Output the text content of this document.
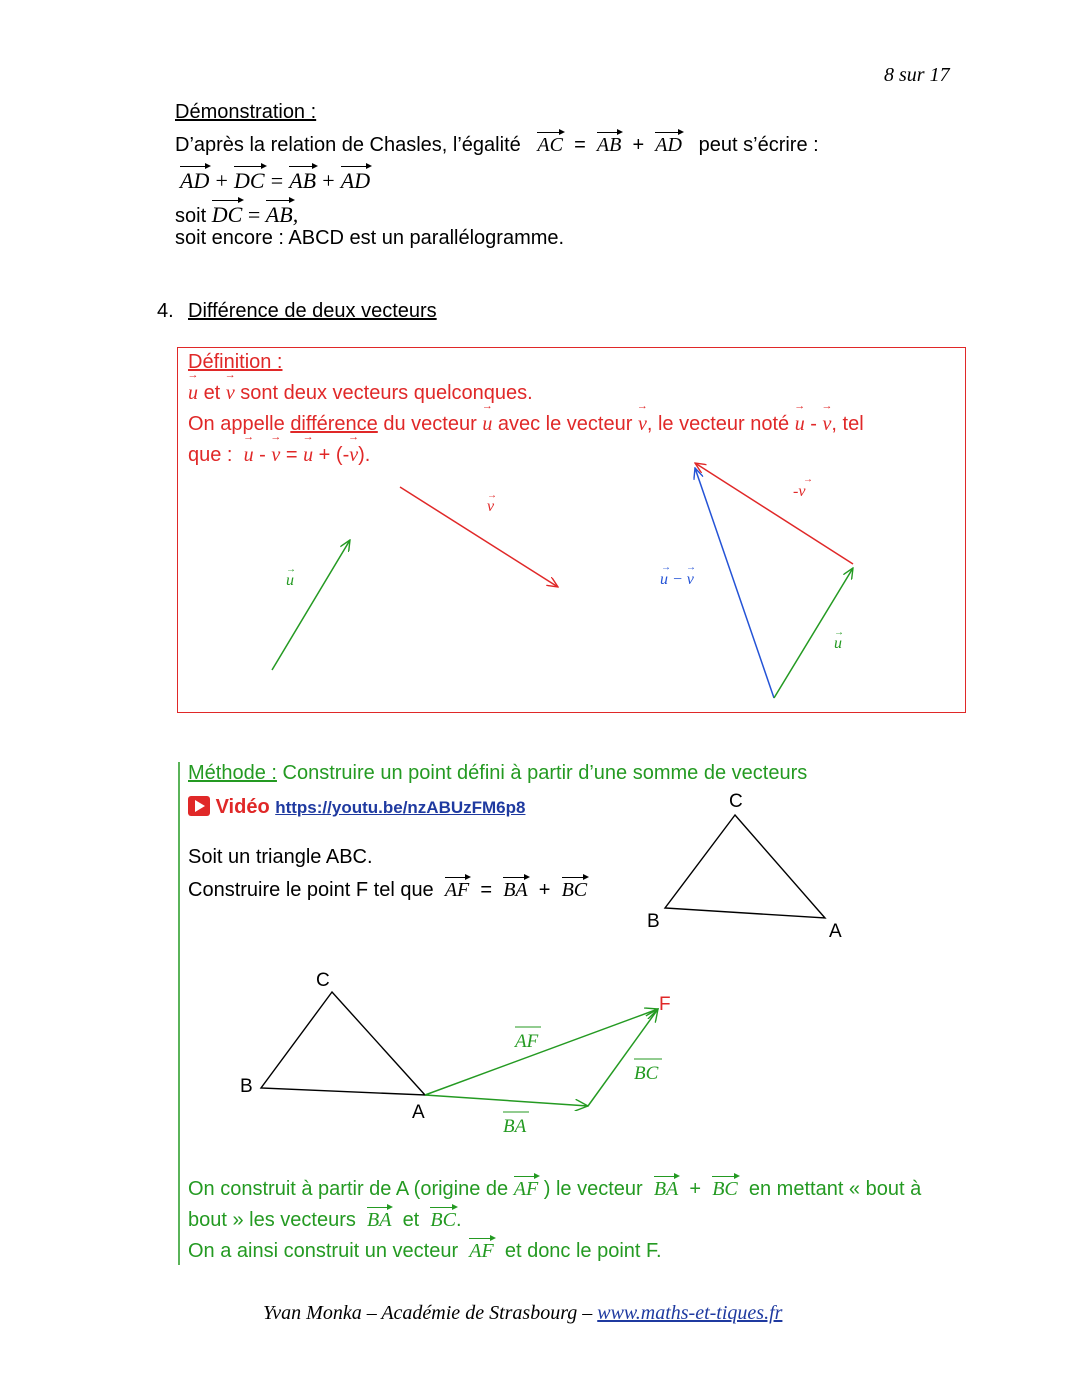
8 sur 17
Démonstration :
D’après la relation de Chasles, l’égalité AC = AB + AD peut s’écrire :
AD + DC = AB + AD
soit DC = AB,
soit encore : ABCD est un parallélogramme.
4. Différence de deux vecteurs
Définition :
→ u et → v sont deux vecteurs quelconques.
On appelle différence du vecteur → u avec le vecteur → v, le vecteur noté → u - → v, tel
que : → u - → v = → u + (-→ v).
u
→
v
→	-v
→
u − v
→      →
u
→
C
B	A
C
B
A
F
AF
BC
BA
Méthode : Construire un point défini à partir d’une somme de vecteurs
Vidéo https://youtu.be/nzABUzFM6p8
Soit un triangle ABC.
Construire le point F tel que AF = BA + BC
On construit à partir de A (origine de AF ) le vecteur BA + BC en mettant « bout à
bout » les vecteurs BA et BC.
On a ainsi construit un vecteur AF et donc le point F.
Yvan Monka – Académie de Strasbourg – www.maths-et-tiques.fr
